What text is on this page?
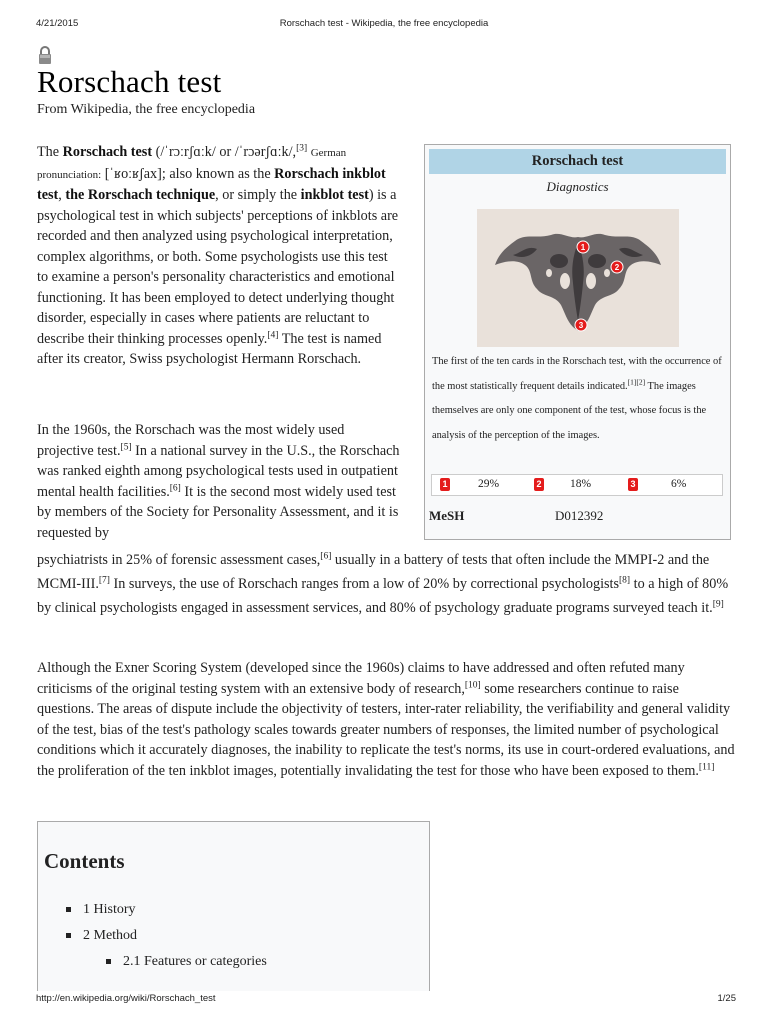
4/21/2015	Rorschach test - Wikipedia, the free encyclopedia
Rorschach test
From Wikipedia, the free encyclopedia
The Rorschach test (/ˈrɔːrʃɑːk/ or /ˈrɔərʃɑːk/,[3] German pronunciation: [ˈʁoːʁʃax]; also known as the Rorschach inkblot test, the Rorschach technique, or simply the inkblot test) is a psychological test in which subjects' perceptions of inkblots are recorded and then analyzed using psychological interpretation, complex algorithms, or both. Some psychologists use this test to examine a person's personality characteristics and emotional functioning. It has been employed to detect underlying thought disorder, especially in cases where patients are reluctant to describe their thinking processes openly.[4] The test is named after its creator, Swiss psychologist Hermann Rorschach.
In the 1960s, the Rorschach was the most widely used projective test.[5] In a national survey in the U.S., the Rorschach was ranked eighth among psychological tests used in outpatient mental health facilities.[6] It is the second most widely used test by members of the Society for Personality Assessment, and it is requested by
psychiatrists in 25% of forensic assessment cases,[6] usually in a battery of tests that often include the MMPI-2 and the MCMI-III.[7] In surveys, the use of Rorschach ranges from a low of 20% by correctional psychologists[8] to a high of 80% by clinical psychologists engaged in assessment services, and 80% of psychology graduate programs surveyed teach it.[9]
Although the Exner Scoring System (developed since the 1960s) claims to have addressed and often refuted many criticisms of the original testing system with an extensive body of research,[10] some researchers continue to raise questions. The areas of dispute include the objectivity of testers, inter-rater reliability, the verifiability and general validity of the test, bias of the test's pathology scales towards greater numbers of responses, the limited number of psychological conditions which it accurately diagnoses, the inability to replicate the test's norms, its use in court-ordered evaluations, and the proliferation of the ten inkblot images, potentially invalidating the test for those who have been exposed to them.[11]
Rorschach test
Diagnostics
1
2
3
The first of the ten cards in the Rorschach test, with the occurrence of the most statistically frequent details indicated.[1][2] The images themselves are only one component of the test, whose focus is the analysis of the perception of the images.
1	29%	2 18%	3	6%
MeSH	D012392
Contents
1 History
2 Method
2.1 Features or categories
http://en.wikipedia.org/wiki/Rorschach_test	1/25
